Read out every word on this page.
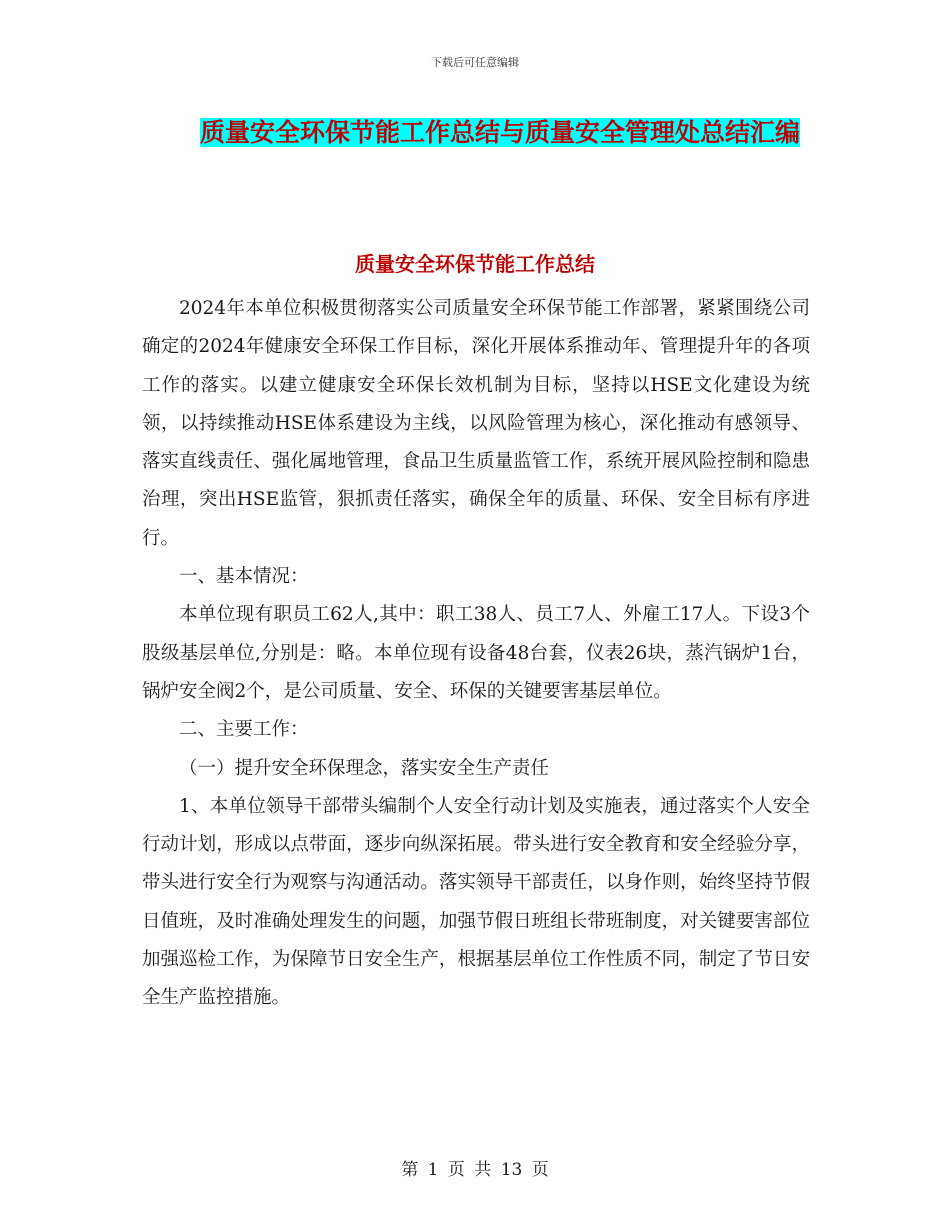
下载后可任意编辑
质量安全环保节能工作总结与质量安全管理处总结汇编
质量安全环保节能工作总结

2024年本单位积极贯彻落实公司质量安全环保节能工作部署，紧紧围绕公司确定的2024年健康安全环保工作目标，深化开展体系推动年、管理提升年的各项工作的落实。以建立健康安全环保长效机制为目标，坚持以HSE文化建设为统领，以持续推动HSE体系建设为主线，以风险管理为核心，深化推动有感领导、落实直线责任、强化属地管理，食品卫生质量监管工作，系统开展风险控制和隐患治理，突出HSE监管，狠抓责任落实，确保全年的质量、环保、安全目标有序进行。

一、基本情况：

本单位现有职员工62人,其中：职工38人、员工7人、外雇工17人。下设3个股级基层单位,分别是：略。本单位现有设备48台套，仪表26块，蒸汽锅炉1台，锅炉安全阀2个，是公司质量、安全、环保的关键要害基层单位。

二、主要工作：

（一）提升安全环保理念，落实安全生产责任

1、本单位领导干部带头编制个人安全行动计划及实施表，通过落实个人安全行动计划，形成以点带面，逐步向纵深拓展。带头进行安全教育和安全经验分享，带头进行安全行为观察与沟通活动。落实领导干部责任，以身作则，始终坚持节假日值班，及时准确处理发生的问题，加强节假日班组长带班制度，对关键要害部位加强巡检工作，为保障节日安全生产，根据基层单位工作性质不同，制定了节日安全生产监控措施。

第 1 页 共 13 页
